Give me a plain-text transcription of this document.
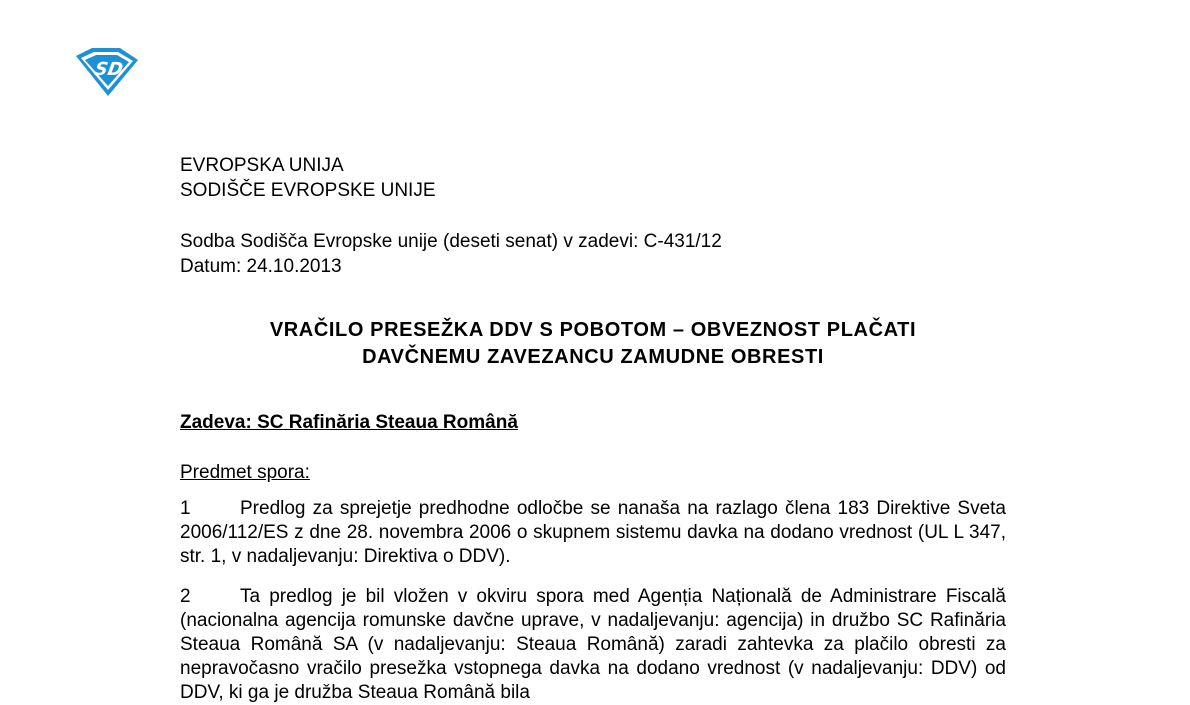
SD
EVROPSKA UNIJA
SODIŠČE EVROPSKE UNIJE
Sodba Sodišča Evropske unije (deseti senat) v zadevi: C-431/12
Datum: 24.10.2013
VRAČILO PRESEŽKA DDV S POBOTOM – OBVEZNOST PLAČATI
DAVČNEMU ZAVEZANCU ZAMUDNE OBRESTI
Zadeva: SC Rafinăria Steaua Română
Predmet spora:
1	Predlog za sprejetje predhodne odločbe se nanaša na razlago člena 183 Direktive Sveta 2006/112/ES z dne 28. novembra 2006 o skupnem sistemu davka na dodano vrednost (UL L 347, str. 1, v nadaljevanju: Direktiva o DDV).
2	Ta predlog je bil vložen v okviru spora med Agenția Națională de Administrare Fiscală (nacionalna agencija romunske davčne uprave, v nadaljevanju: agencija) in družbo SC Rafinăria Steaua Română SA (v nadaljevanju: Steaua Română) zaradi zahtevka za plačilo obresti za nepravočasno vračilo presežka vstopnega davka na dodano vrednost (v nadaljevanju: DDV) od DDV, ki ga je družba Steaua Română bila
